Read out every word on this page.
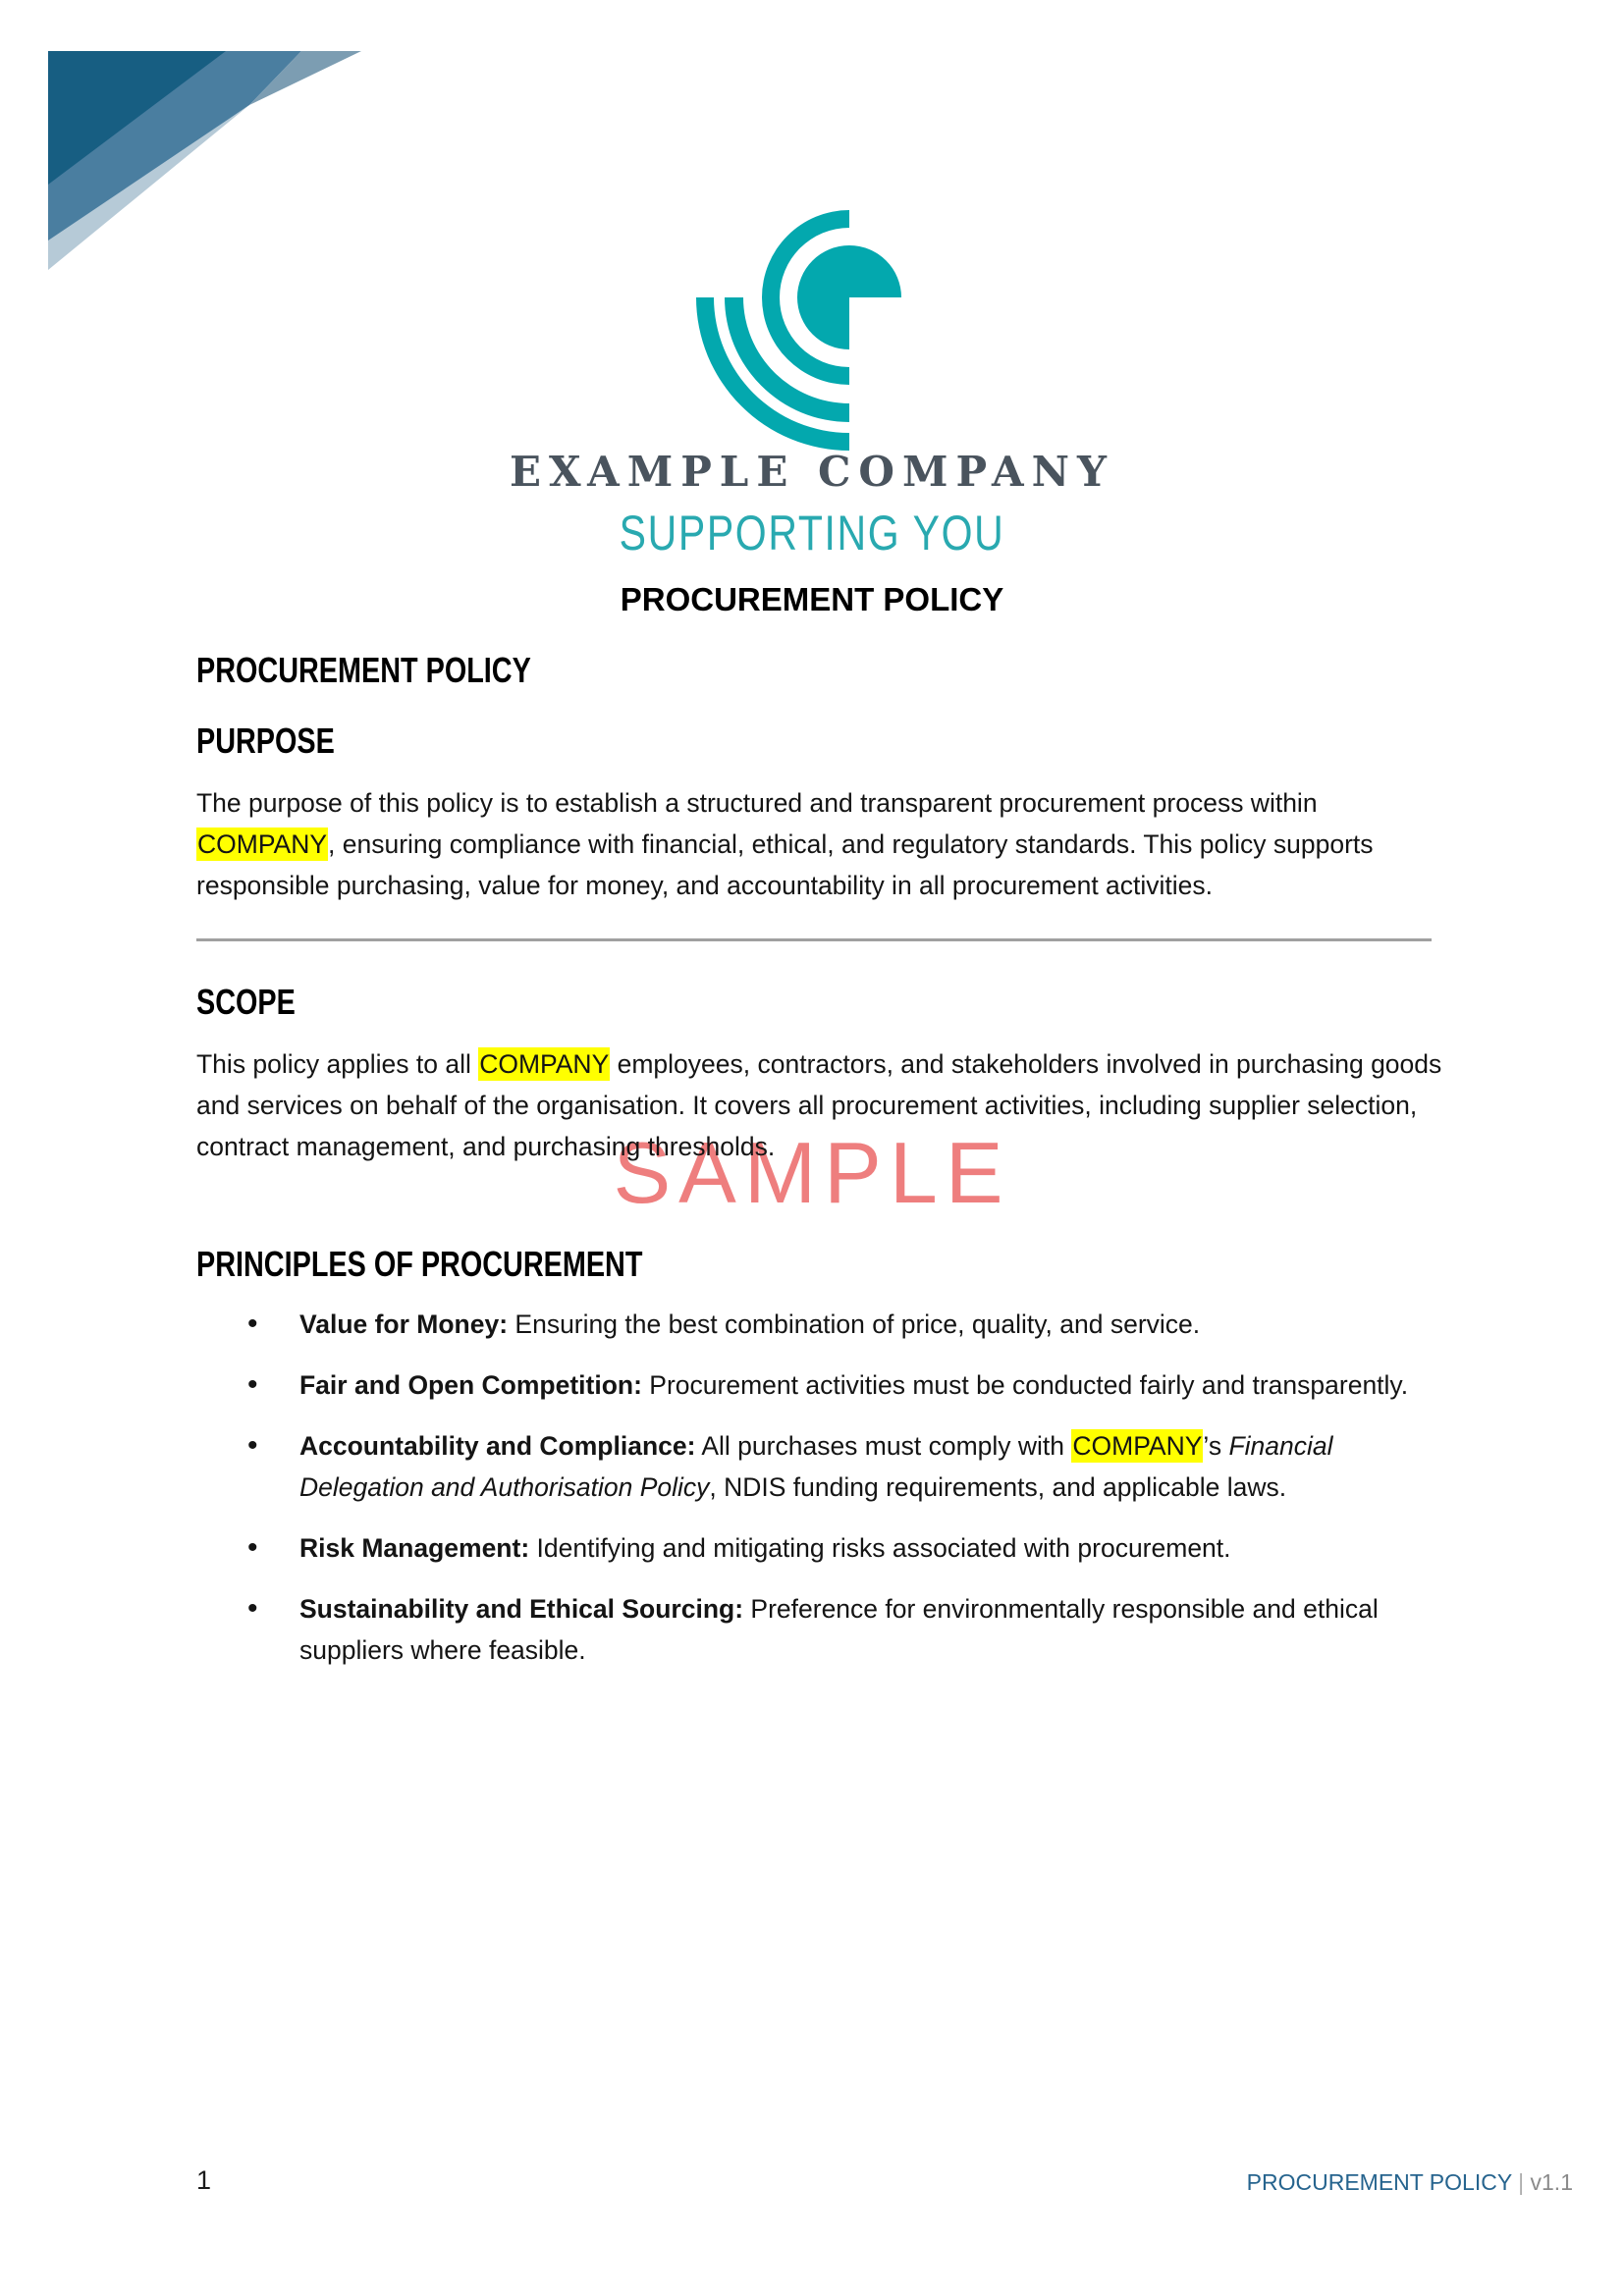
EXAMPLE COMPANY
SUPPORTING YOU
PROCUREMENT POLICY
SAMPLE
PROCUREMENT POLICY
PURPOSE

The purpose of this policy is to establish a structured and transparent procurement process within COMPANY, ensuring compliance with financial, ethical, and regulatory standards. This policy supports responsible purchasing, value for money, and accountability in all procurement activities.

SCOPE

This policy applies to all COMPANY employees, contractors, and stakeholders involved in purchasing goods and services on behalf of the organisation. It covers all procurement activities, including supplier selection, contract management, and purchasing thresholds.

PRINCIPLES OF PROCUREMENT
• Value for Money: Ensuring the best combination of price, quality, and service.
• Fair and Open Competition: Procurement activities must be conducted fairly and transparently.
• Accountability and Compliance: All purchases must comply with COMPANY’s Financial Delegation and Authorisation Policy, NDIS funding requirements, and applicable laws.
• Risk Management: Identifying and mitigating risks associated with procurement.
• Sustainability and Ethical Sourcing: Preference for environmentally responsible and ethical suppliers where feasible.
1	PROCUREMENT POLICY | v1.1
